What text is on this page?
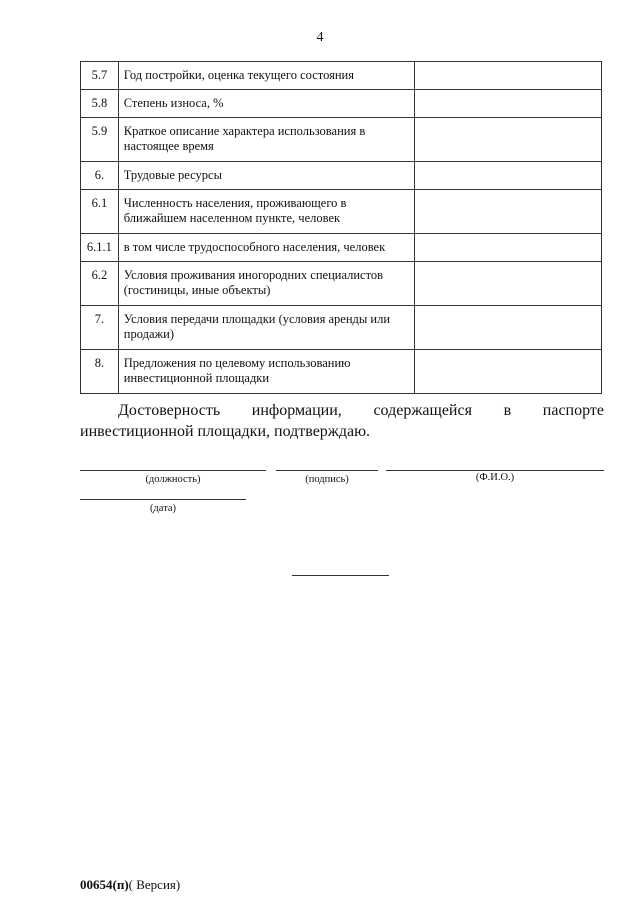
4
5.7	Год постройки, оценка текущего состояния	
5.8	Степень износа, %	
5.9	Краткое описание характера использования в настоящее время	
6.	Трудовые ресурсы	
6.1	Численность населения, проживающего в ближайшем населенном пункте, человек	
6.1.1	в том числе трудоспособного населения, человек	
6.2	Условия проживания иногородних специалистов (гостиницы, иные объекты)	
7.	Условия передачи площадки (условия аренды или продажи)	
8.	Предложения по целевому использованию инвестиционной площадки	
Достоверность информации, содержащейся в паспорте инвестиционной площадки, подтверждаю.
(должность)	(подпись)	(Ф.И.О.)
(дата)
00654(п)( Версия)
